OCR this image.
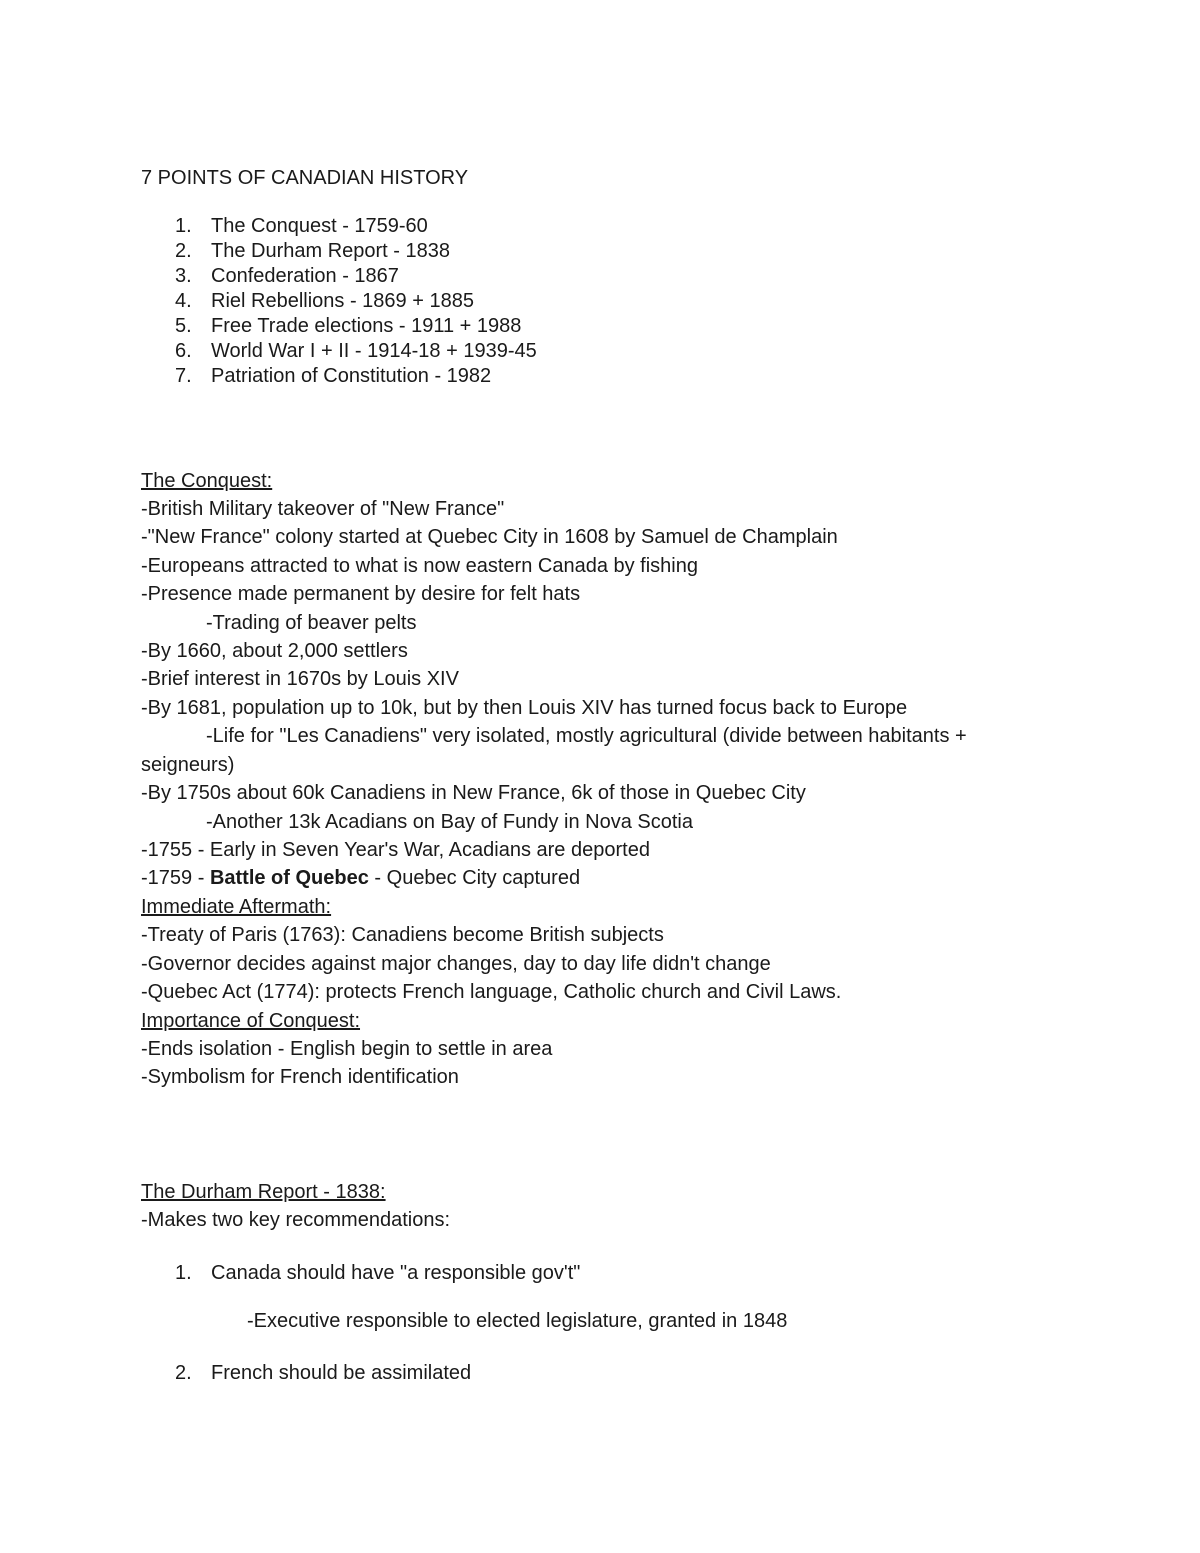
7 POINTS OF CANADIAN HISTORY
1. The Conquest - 1759-60
2. The Durham Report - 1838
3. Confederation - 1867
4. Riel Rebellions - 1869 + 1885
5. Free Trade elections - 1911 + 1988
6. World War I + II - 1914-18 + 1939-45
7. Patriation of Constitution - 1982
The Conquest:
-British Military takeover of "New France"
-"New France" colony started at Quebec City in 1608 by Samuel de Champlain
-Europeans attracted to what is now eastern Canada by fishing
-Presence made permanent by desire for felt hats
-Trading of beaver pelts
-By 1660, about 2,000 settlers
-Brief interest in 1670s by Louis XIV
-By 1681, population up to 10k, but by then Louis XIV has turned focus back to Europe
-Life for "Les Canadiens" very isolated, mostly agricultural (divide between habitants +
seigneurs)
-By 1750s about 60k Canadiens in New France, 6k of those in Quebec City
-Another 13k Acadians on Bay of Fundy in Nova Scotia
-1755 - Early in Seven Year's War, Acadians are deported
-1759 - Battle of Quebec - Quebec City captured
Immediate Aftermath:
-Treaty of Paris (1763): Canadiens become British subjects
-Governor decides against major changes, day to day life didn't change
-Quebec Act (1774): protects French language, Catholic church and Civil Laws.
Importance of Conquest:
-Ends isolation - English begin to settle in area
-Symbolism for French identification
The Durham Report - 1838:
-Makes two key recommendations:
1. Canada should have "a responsible gov't"
-Executive responsible to elected legislature, granted in 1848
2. French should be assimilated
